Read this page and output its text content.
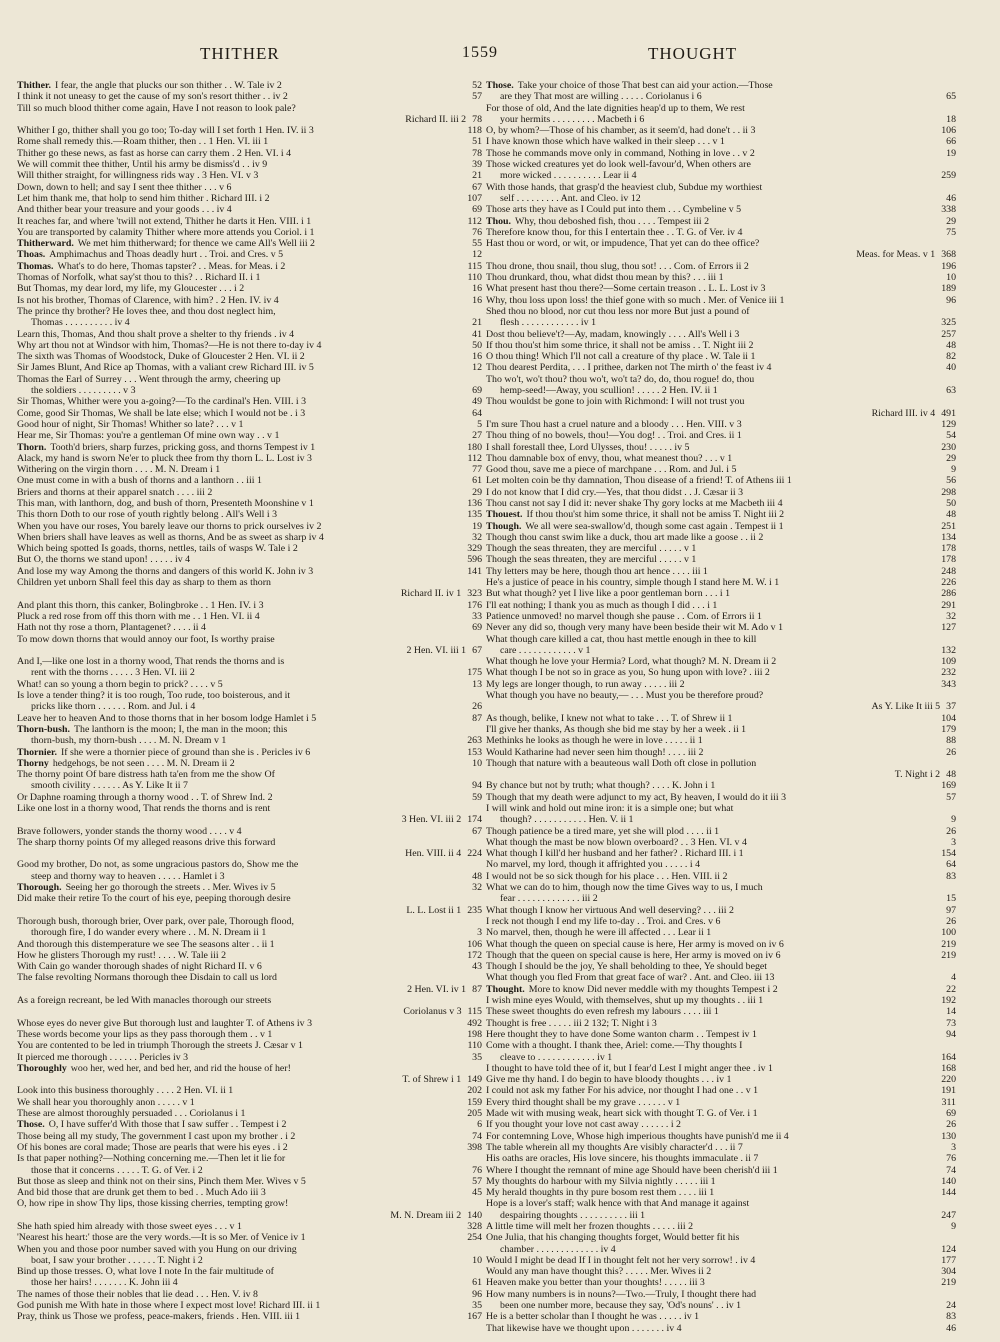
THITHER	1559	THOUGHT
Thither. I fear, the angle that plucks our son thither . . W. Tale iv 2	52
I think it not uneasy to get the cause of my son's resort thither . . iv 2	57
Till so much blood thither come again, Have I not reason to look pale?
Richard II. iii 2 78
Whither I go, thither shall you go too; To-day will I set forth 1 Hen. IV. ii 3	118
Rome shall remedy this.—Roam thither, then . . 1 Hen. VI. iii 1	51
Thither go these news, as fast as horse can carry them . 2 Hen. VI. i 4	78
We will commit thee thither, Until his army be dismiss'd . . iv 9	39
Will thither straight, for willingness rids way . 3 Hen. VI. v 3	21
Down, down to hell; and say I sent thee thither . . . v 6	67
Let him thank me, that holp to send him thither . Richard III. i 2	107
And thither bear your treasure and your goods . . . iv 4	69
It reaches far, and where 'twill not extend, Thither he darts it Hen. VIII. i 1	112
You are transported by calamity Thither where more attends you Coriol. i 1	76
Thitherward. We met him thitherward; for thence we came All's Well iii 2	55
Thoas. Amphimachus and Thoas deadly hurt . . Troi. and Cres. v 5	12
Thomas. What's to do here, Thomas tapster? . . Meas. for Meas. i 2	115
Thomas of Norfolk, what say'st thou to this? . . Richard II. i 1	110
But Thomas, my dear lord, my life, my Gloucester . . . i 2	16
Is not his brother, Thomas of Clarence, with him? . 2 Hen. IV. iv 4	16
The prince thy brother? He loves thee, and thou dost neglect him,
Thomas . . . . . . . . . . iv 4	21
Learn this, Thomas, And thou shalt prove a shelter to thy friends . iv 4	41
Why art thou not at Windsor with him, Thomas?—He is not there to-day iv 4	50
The sixth was Thomas of Woodstock, Duke of Gloucester 2 Hen. VI. ii 2	16
Sir James Blunt, And Rice ap Thomas, with a valiant crew Richard III. iv 5	12
Thomas the Earl of Surrey . . . Went through the army, cheering up
the soldiers . . . . . . . . . v 3	69
Sir Thomas, Whither were you a-going?—To the cardinal's Hen. VIII. i 3	49
Come, good Sir Thomas, We shall be late else; which I would not be . i 3	64
Good hour of night, Sir Thomas! Whither so late? . . . v 1	5
Hear me, Sir Thomas: you're a gentleman Of mine own way . . v 1	27
Thorn. Tooth'd briers, sharp furzes, pricking goss, and thorns Tempest iv 1	180
Alack, my hand is sworn Ne'er to pluck thee from thy thorn L. L. Lost iv 3	112
Withering on the virgin thorn . . . . M. N. Dream i 1	77
One must come in with a bush of thorns and a lanthorn . . iii 1	61
Briers and thorns at their apparel snatch . . . . iii 2	29
This man, with lanthorn, dog, and bush of thorn, Presenteth Moonshine v 1	136
This thorn Doth to our rose of youth rightly belong . All's Well i 3	135
When you have our roses, You barely leave our thorns to prick ourselves iv 2	19
When briers shall have leaves as well as thorns, And be as sweet as sharp iv 4	32
Which being spotted Is goads, thorns, nettles, tails of wasps W. Tale i 2	329
But O, the thorns we stand upon! . . . . . iv 4	596
And lose my way Among the thorns and dangers of this world K. John iv 3	141
Children yet unborn Shall feel this day as sharp to them as thorn
Richard II. iv 1 323
And plant this thorn, this canker, Bolingbroke . . 1 Hen. IV. i 3	176
Pluck a red rose from off this thorn with me . . 1 Hen. VI. ii 4	33
Hath not thy rose a thorn, Plantagenet? . . . . ii 4	69
To mow down thorns that would annoy our foot, Is worthy praise
2 Hen. VI. iii 1 67
And I,—like one lost in a thorny wood, That rends the thorns and is
rent with the thorns . . . . . 3 Hen. VI. iii 2	175
What! can so young a thorn begin to prick? . . . . v 5	13
Is love a tender thing? it is too rough, Too rude, too boisterous, and it
pricks like thorn . . . . . . Rom. and Jul. i 4	26
Leave her to heaven And to those thorns that in her bosom lodge Hamlet i 5	87
Thorn-bush. The lanthorn is the moon; I, the man in the moon; this
thorn-bush, my thorn-bush . . . . M. N. Dream v 1	263
Thornier. If she were a thornier piece of ground than she is . Pericles iv 6	153
Thorny hedgehogs, be not seen . . . . M. N. Dream ii 2	10
The thorny point Of bare distress hath ta'en from me the show Of
smooth civility . . . . . . As Y. Like It ii 7	94
Or Daphne roaming through a thorny wood . . T. of Shrew Ind. 2	59
Like one lost in a thorny wood, That rends the thorns and is rent
3 Hen. VI. iii 2 174
Brave followers, yonder stands the thorny wood . . . . v 4	67
The sharp thorny points Of my alleged reasons drive this forward
Hen. VIII. ii 4 224
Good my brother, Do not, as some ungracious pastors do, Show me the
steep and thorny way to heaven . . . . . Hamlet i 3	48
Thorough. Seeing her go thorough the streets . . Mer. Wives iv 5	32
Did make their retire To the court of his eye, peeping thorough desire
L. L. Lost ii 1 235
Thorough bush, thorough brier, Over park, over pale, Thorough flood,
thorough fire, I do wander every where . . M. N. Dream ii 1	3
And thorough this distemperature we see The seasons alter . . ii 1	106
How he glisters Thorough my rust! . . . . W. Tale iii 2	172
With Cain go wander thorough shades of night Richard II. v 6	43
The false revolting Normans thorough thee Disdain to call us lord
2 Hen. VI. iv 1 87
As a foreign recreant, be led With manacles thorough our streets
Coriolanus v 3 115
Whose eyes do never give But thorough lust and laughter T. of Athens iv 3	492
These words become your lips as they pass thorough them . . v 1	198
You are contented to be led in triumph Thorough the streets J. Cæsar v 1	110
It pierced me thorough . . . . . . Pericles iv 3	35
Thoroughly woo her, wed her, and bed her, and rid the house of her!
T. of Shrew i 1 149
Look into this business thoroughly . . . . 2 Hen. VI. ii 1	202
We shall hear you thoroughly anon . . . . . v 1	159
These are almost thoroughly persuaded . . . Coriolanus i 1	205
Those. O, I have suffer'd With those that I saw suffer . . Tempest i 2	6
Those being all my study, The government I cast upon my brother . i 2	74
Of his bones are coral made; Those are pearls that were his eyes . i 2	398
Is that paper nothing?—Nothing concerning me.—Then let it lie for
those that it concerns . . . . . T. G. of Ver. i 2	76
But those as sleep and think not on their sins, Pinch them Mer. Wives v 5	57
And bid those that are drunk get them to bed . . Much Ado iii 3	45
O, how ripe in show Thy lips, those kissing cherries, tempting grow!
M. N. Dream iii 2 140
She hath spied him already with those sweet eyes . . . v 1	328
'Nearest his heart:' those are the very words.—It is so Mer. of Venice iv 1	254
When you and those poor number saved with you Hung on our driving
boat, I saw your brother . . . . . . T. Night i 2	10
Bind up those tresses. O, what love I note In the fair multitude of
those her hairs! . . . . . . . K. John iii 4	61
The names of those their nobles that lie dead . . . Hen. V. iv 8	96
God punish me With hate in those where I expect most love! Richard III. ii 1	35
Pray, think us Those we profess, peace-makers, friends . Hen. VIII. iii 1	167
Those. Take your choice of those That best can aid your action.—Those
are they That most are willing . . . . . Coriolanus i 6	65
For those of old, And the late dignities heap'd up to them, We rest
your hermits . . . . . . . . . Macbeth i 6	18
O, by whom?—Those of his chamber, as it seem'd, had done't . . ii 3	106
I have known those which have walked in their sleep . . . v 1	66
Those he commands move only in command, Nothing in love . . v 2	19
Those wicked creatures yet do look well-favour'd, When others are
more wicked . . . . . . . . . . Lear ii 4	259
With those hands, that grasp'd the heaviest club, Subdue my worthiest
self . . . . . . . . . Ant. and Cleo. iv 12	46
Those arts they have as I Could put into them . . . Cymbeline v 5	338
Thou. Why, thou deboshed fish, thou . . . . Tempest iii 2	29
Therefore know thou, for this I entertain thee . . T. G. of Ver. iv 4	75
Hast thou or word, or wit, or impudence, That yet can do thee office?
Meas. for Meas. v 1 368
Thou drone, thou snail, thou slug, thou sot! . . . Com. of Errors ii 2	196
Thou drunkard, thou, what didst thou mean by this? . . . iii 1	10
What present hast thou there?—Some certain treason . . L. L. Lost iv 3	189
Why, thou loss upon loss! the thief gone with so much . Mer. of Venice iii 1	96
Shed thou no blood, nor cut thou less nor more But just a pound of
flesh . . . . . . . . . . . . iv 1	325
Dost thou believe't?—Ay, madam, knowingly . . . . All's Well i 3	257
If thou thou'st him some thrice, it shall not be amiss . . T. Night iii 2	48
O thou thing! Which I'll not call a creature of thy place . W. Tale ii 1	82
Thou dearest Perdita, . . . I prithee, darken not The mirth o' the feast iv 4	40
Tho wo't, wo't thou? thou wo't, wo't ta? do, do, thou rogue! do, thou
hemp-seed!—Away, you scullion! . . . . . 2 Hen. IV. ii 1	63
Thou wouldst be gone to join with Richmond: I will not trust you
Richard III. iv 4 491
I'm sure Thou hast a cruel nature and a bloody . . . Hen. VIII. v 3	129
Thou thing of no bowels, thou!—You dog! . . Troi. and Cres. ii 1	54
I shall forestall thee, Lord Ulysses, thou! . . . . . iv 5	230
Thou damnable box of envy, thou, what meanest thou? . . . v 1	29
Good thou, save me a piece of marchpane . . . Rom. and Jul. i 5	9
Let molten coin be thy damnation, Thou disease of a friend! T. of Athens iii 1	56
I do not know that I did cry.—Yes, that thou didst . . J. Cæsar ii 3	298
Thou canst not say I did it: never shake Thy gory locks at me Macbeth iii 4	50
Thouest. If thou thou'st him some thrice, it shall not be amiss T. Night iii 2	48
Though. We all were sea-swallow'd, though some cast again . Tempest ii 1	251
Though thou canst swim like a duck, thou art made like a goose . . ii 2	134
Though the seas threaten, they are merciful . . . . . v 1	178
Though the seas threaten, they are merciful . . . . . v 1	178
Thy letters may be here, though thou art hence . . . . iii 1	248
He's a justice of peace in his country, simple though I stand here M. W. i 1	226
But what though? yet I live like a poor gentleman born . . . i 1	286
I'll eat nothing; I thank you as much as though I did . . . i 1	291
Patience unmoved! no marvel though she pause . . Com. of Errors ii 1	32
Never any did so, though very many have been beside their wit M. Ado v 1	127
What though care killed a cat, thou hast mettle enough in thee to kill
care . . . . . . . . . . . . v 1	132
What though he love your Hermia? Lord, what though? M. N. Dream ii 2	109
What though I be not so in grace as you, So hung upon with love? . iii 2	232
My legs are longer though, to run away . . . . . iii 2	343
What though you have no beauty,— . . . Must you be therefore proud?
As Y. Like It iii 5 37
As though, belike, I knew not what to take . . . T. of Shrew ii 1	104
I'll give her thanks, As though she bid me stay by her a week . ii 1	179
Methinks he looks as though he were in love . . . . . ii 1	88
Would Katharine had never seen him though! . . . . iii 2	26
Though that nature with a beauteous wall Doth oft close in pollution
T. Night i 2 48
By chance but not by truth; what though? . . . . K. John i 1	169
Though that my death were adjunct to my act, By heaven, I would do it iii 3	57
I will wink and hold out mine iron: it is a simple one; but what
though? . . . . . . . . . . . Hen. V. ii 1	9
Though patience be a tired mare, yet she will plod . . . . ii 1	26
What though the mast be now blown overboard? . . 3 Hen. VI. v 4	3
What though I kill'd her husband and her father? . Richard III. i 1	154
No marvel, my lord, though it affrighted you . . . . . i 4	64
I would not be so sick though for his place . . . Hen. VIII. ii 2	83
What we can do to him, though now the time Gives way to us, I much
fear . . . . . . . . . . . . . iii 2	15
What though I know her virtuous And well deserving? . . . iii 2	97
I reck not though I end my life to-day . . Troi. and Cres. v 6	26
No marvel, then, though he were ill affected . . . Lear ii 1	100
What though the queen on special cause is here, Her army is moved on iv 6	219
Though that the queen on special cause is here, Her army is moved on iv 6	219
Though I should be the joy, Ye shall beholding to thee, Ye should beget
What though you fled From that great face of war? . Ant. and Cleo. iii 13	4
Thought. More to know Did never meddle with my thoughts Tempest i 2	22
I wish mine eyes Would, with themselves, shut up my thoughts . . iii 1	192
These sweet thoughts do even refresh my labours . . . . iii 1	14
Thought is free . . . . . iii 2 132; T. Night i 3	73
Here thought they to have done Some wanton charm . . Tempest iv 1	94
Come with a thought. I thank thee, Ariel: come.—Thy thoughts I
cleave to . . . . . . . . . . . . iv 1	164
I thought to have told thee of it, but I fear'd Lest I might anger thee . iv 1	168
Give me thy hand. I do begin to have bloody thoughts . . . iv 1	220
I could not ask my father For his advice, nor thought I had one . . v 1	191
Every third thought shall be my grave . . . . . . v 1	311
Made wit with musing weak, heart sick with thought T. G. of Ver. i 1	69
If you thought your love not cast away . . . . . . i 2	26
For contemning Love, Whose high imperious thoughts have punish'd me ii 4	130
The table wherein all my thoughts Are visibly character'd . . . ii 7	3
His oaths are oracles, His love sincere, his thoughts immaculate . ii 7	76
Where I thought the remnant of mine age Should have been cherish'd iii 1	74
My thoughts do harbour with my Silvia nightly . . . . . iii 1	140
My herald thoughts in thy pure bosom rest them . . . . iii 1	144
Hope is a lover's staff; walk hence with that And manage it against
despairing thoughts . . . . . . . . . . iii 1	247
A little time will melt her frozen thoughts . . . . . iii 2	9
One Julia, that his changing thoughts forget, Would better fit his
chamber . . . . . . . . . . . . . iv 4	124
Would I might be dead If I in thought felt not her very sorrow! . iv 4	177
Would any man have thought this? . . . . . Mer. Wives ii 2	304
Heaven make you better than your thoughts! . . . . . iii 3	219
How many numbers is in nouns?—Two.—Truly, I thought there had
been one number more, because they say, 'Od's nouns' . . iv 1	24
He is a better scholar than I thought he was . . . . . iv 1	83
That likewise have we thought upon . . . . . . . iv 4	46
